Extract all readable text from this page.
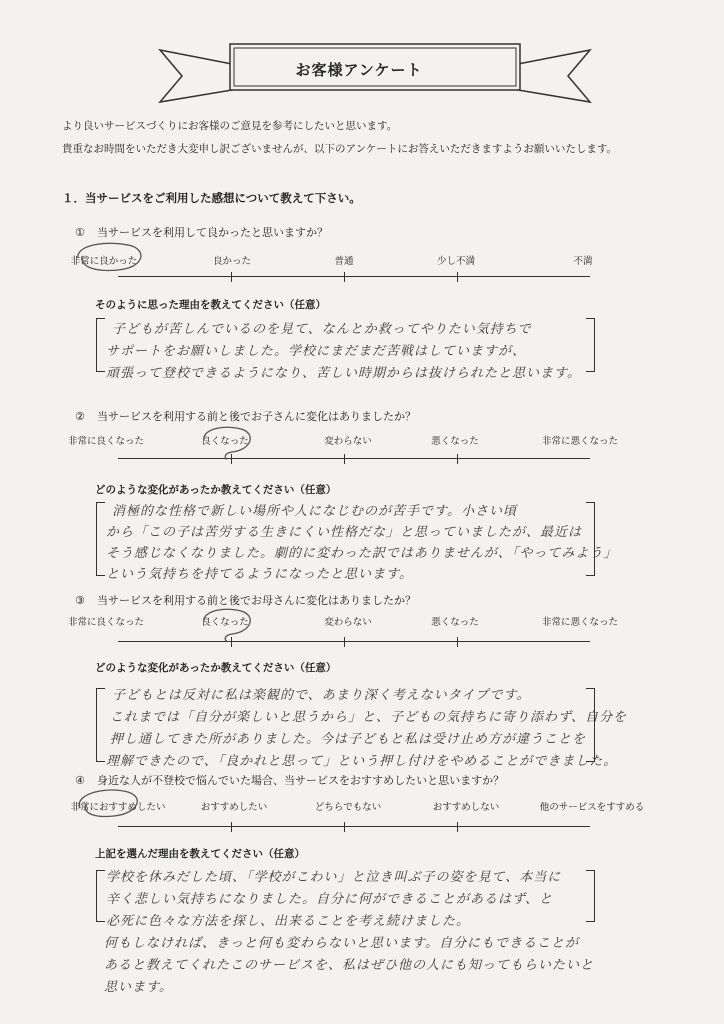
お客様アンケート
より良いサービスづくりにお客様のご意見を参考にしたいと思います。
貴重なお時間をいただき大変申し訳ございませんが、以下のアンケートにお答えいただきますようお願いいたします。
１．当サービスをご利用した感想について教えて下さい。
① 当サービスを利用して良かったと思いますか？
非常に良かった	良かった	普通	少し不満	不満
そのように思った理由を教えてください（任意）
子どもが苦しんでいるのを見て、なんとか救ってやりたい気持ちで
サポートをお願いしました。学校にまだまだ苦戦はしていますが、
頑張って登校できるようになり、苦しい時期からは抜けられたと思います。
② 当サービスを利用する前と後でお子さんに変化はありましたか？
非常に良くなった	良くなった	変わらない	悪くなった	非常に悪くなった
どのような変化があったか教えてください（任意）
消極的な性格で新しい場所や人になじむのが苦手です。小さい頃
から「この子は苦労する生きにくい性格だな」と思っていましたが、最近は
そう感じなくなりました。劇的に変わった訳ではありませんが、「やってみよう」
という気持ちを持てるようになったと思います。
③ 当サービスを利用する前と後でお母さんに変化はありましたか？
非常に良くなった	良くなった	変わらない	悪くなった	非常に悪くなった
どのような変化があったか教えてください（任意）
子どもとは反対に私は楽観的で、あまり深く考えないタイプです。
これまでは「自分が楽しいと思うから」と、子どもの気持ちに寄り添わず、自分を
押し通してきた所がありました。今は子どもと私は受け止め方が違うことを
理解できたので、「良かれと思って」という押し付けをやめることができました。
④ 身近な人が不登校で悩んでいた場合、当サービスをおすすめしたいと思いますか？
非常におすすめしたい	おすすめしたい	どちらでもない	おすすめしない	他のサービスをすすめる
上記を選んだ理由を教えてください（任意）
学校を休みだした頃、「学校がこわい」と泣き叫ぶ子の姿を見て、本当に
辛く悲しい気持ちになりました。自分に何ができることがあるはず、と
必死に色々な方法を探し、出来ることを考え続けました。
何もしなければ、きっと何も変わらないと思います。自分にもできることが
あると教えてくれたこのサービスを、私はぜひ他の人にも知ってもらいたいと
思います。
